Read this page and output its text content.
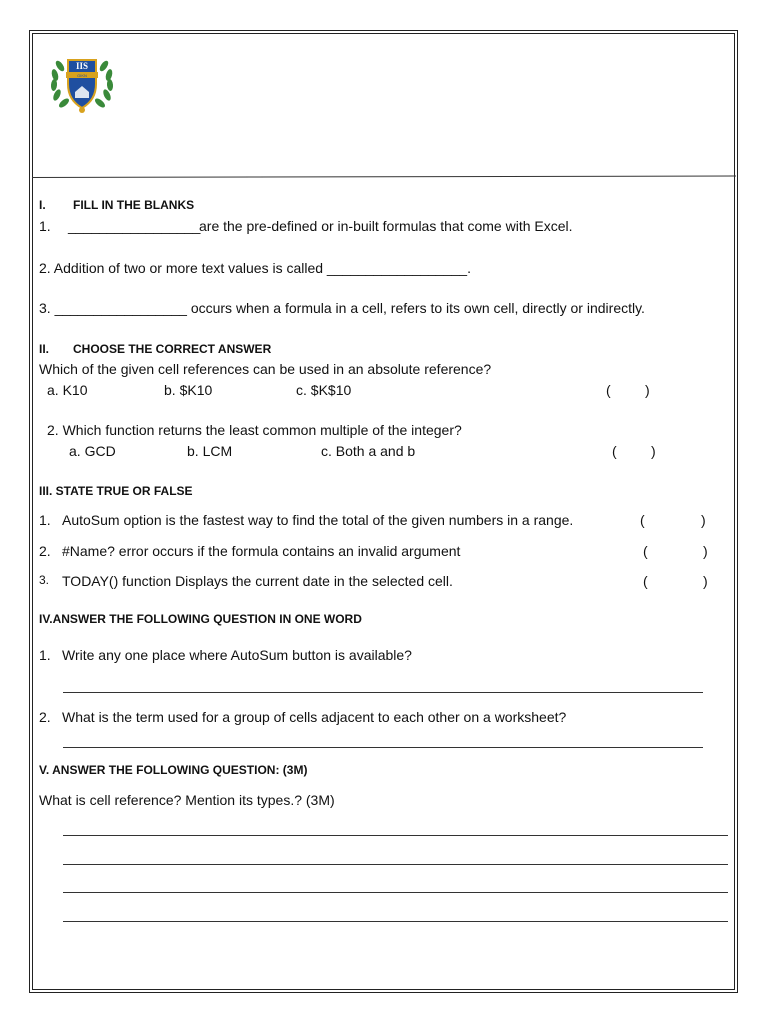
IIS
GIKN
I. FILL IN THE BLANKS
1. _________________
are the pre-defined or in-built formulas that come with Excel.
2. Addition of two or more text values is called __________________.
3. _________________ occurs when a formula in a cell, refers to its own cell, directly or indirectly.
II. CHOOSE THE CORRECT ANSWER
Which of the given cell references can be used in an absolute reference?
a. K10	b. $K10	c. $K$10	( )
2. Which function returns the least common multiple of the integer?
a. GCD	b. LCM	c. Both a and b	( )
III. STATE TRUE OR FALSE
1. AutoSum option is the fastest way to find the total of the given numbers in a range.	(	)
2. #Name? error occurs if the formula contains an invalid argument	(	)
3. TODAY() function Displays the current date in the selected cell.	(	)
IV.ANSWER THE FOLLOWING QUESTION IN ONE WORD
1. Write any one place where AutoSum button is available?
2. What is the term used for a group of cells adjacent to each other on a worksheet?
V. ANSWER THE FOLLOWING QUESTION: (3M)
What is cell reference? Mention its types.? (3M)
